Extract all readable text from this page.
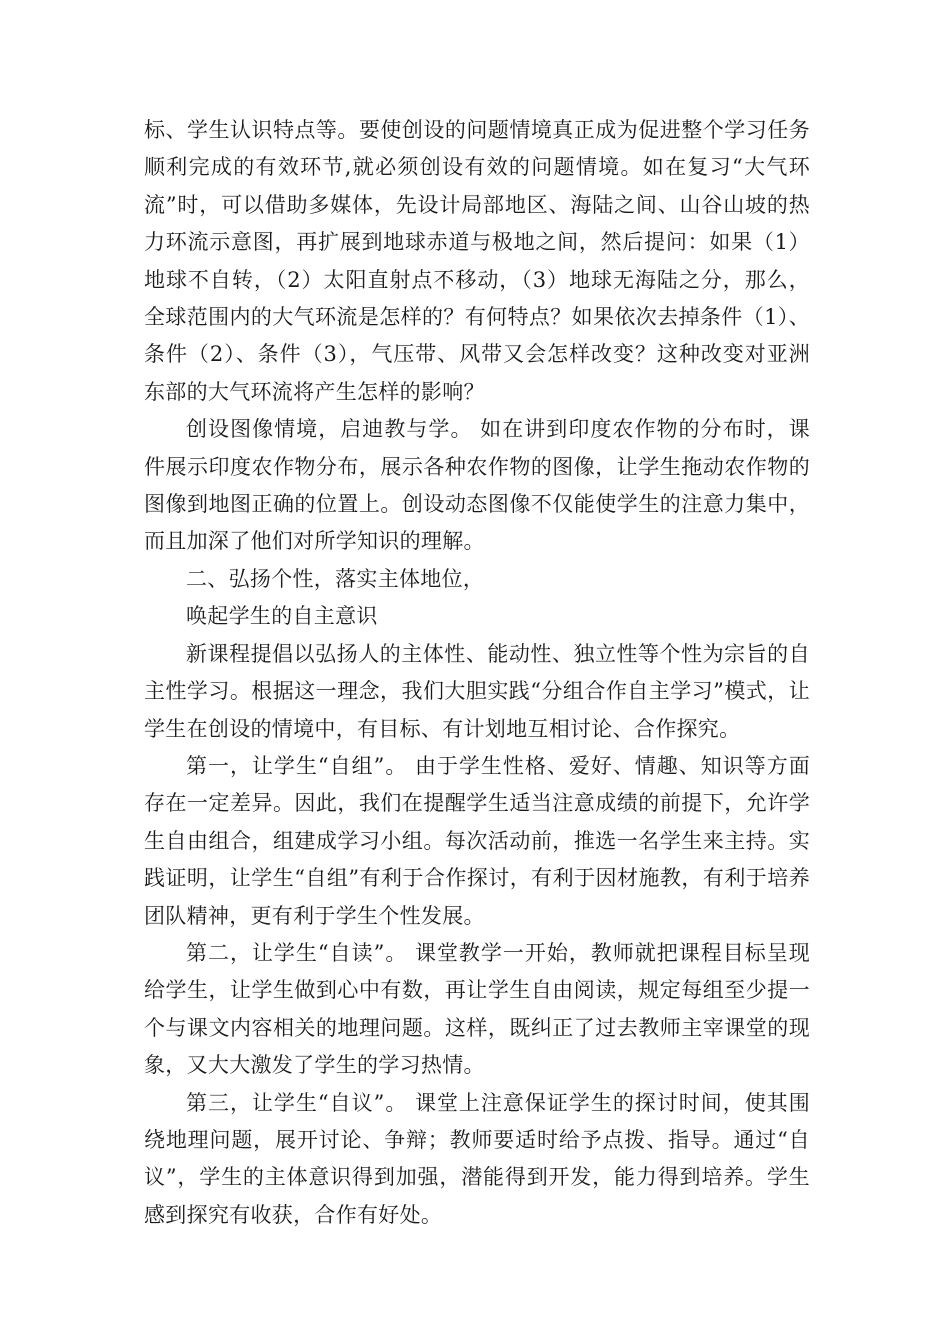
标、学生认识特点等。要使创设的问题情境真正成为促进整个学习任务顺利完成的有效环节,就必须创设有效的问题情境。如在复习“大气环流”时，可以借助多媒体，先设计局部地区、海陆之间、山谷山坡的热力环流示意图，再扩展到地球赤道与极地之间，然后提问：如果（1）地球不自转，（2）太阳直射点不移动，（3）地球无海陆之分，那么，全球范围内的大气环流是怎样的？有何特点？如果依次去掉条件（1）、条件（2）、条件（3），气压带、风带又会怎样改变？这种改变对亚洲东部的大气环流将产生怎样的影响？

创设图像情境，启迪教与学。 如在讲到印度农作物的分布时，课件展示印度农作物分布，展示各种农作物的图像，让学生拖动农作物的图像到地图正确的位置上。创设动态图像不仅能使学生的注意力集中，而且加深了他们对所学知识的理解。

二、弘扬个性，落实主体地位，

唤起学生的自主意识

新课程提倡以弘扬人的主体性、能动性、独立性等个性为宗旨的自主性学习。根据这一理念，我们大胆实践“分组合作自主学习”模式，让学生在创设的情境中，有目标、有计划地互相讨论、合作探究。

第一，让学生“自组”。 由于学生性格、爱好、情趣、知识等方面存在一定差异。因此，我们在提醒学生适当注意成绩的前提下，允许学生自由组合，组建成学习小组。每次活动前，推选一名学生来主持。实践证明，让学生“自组”有利于合作探讨，有利于因材施教，有利于培养团队精神，更有利于学生个性发展。

第二，让学生“自读”。 课堂教学一开始，教师就把课程目标呈现给学生，让学生做到心中有数，再让学生自由阅读，规定每组至少提一个与课文内容相关的地理问题。这样，既纠正了过去教师主宰课堂的现象，又大大激发了学生的学习热情。

第三，让学生“自议”。 课堂上注意保证学生的探讨时间，使其围绕地理问题，展开讨论、争辩；教师要适时给予点拨、指导。通过“自议”，学生的主体意识得到加强，潜能得到开发，能力得到培养。学生感到探究有收获，合作有好处。
